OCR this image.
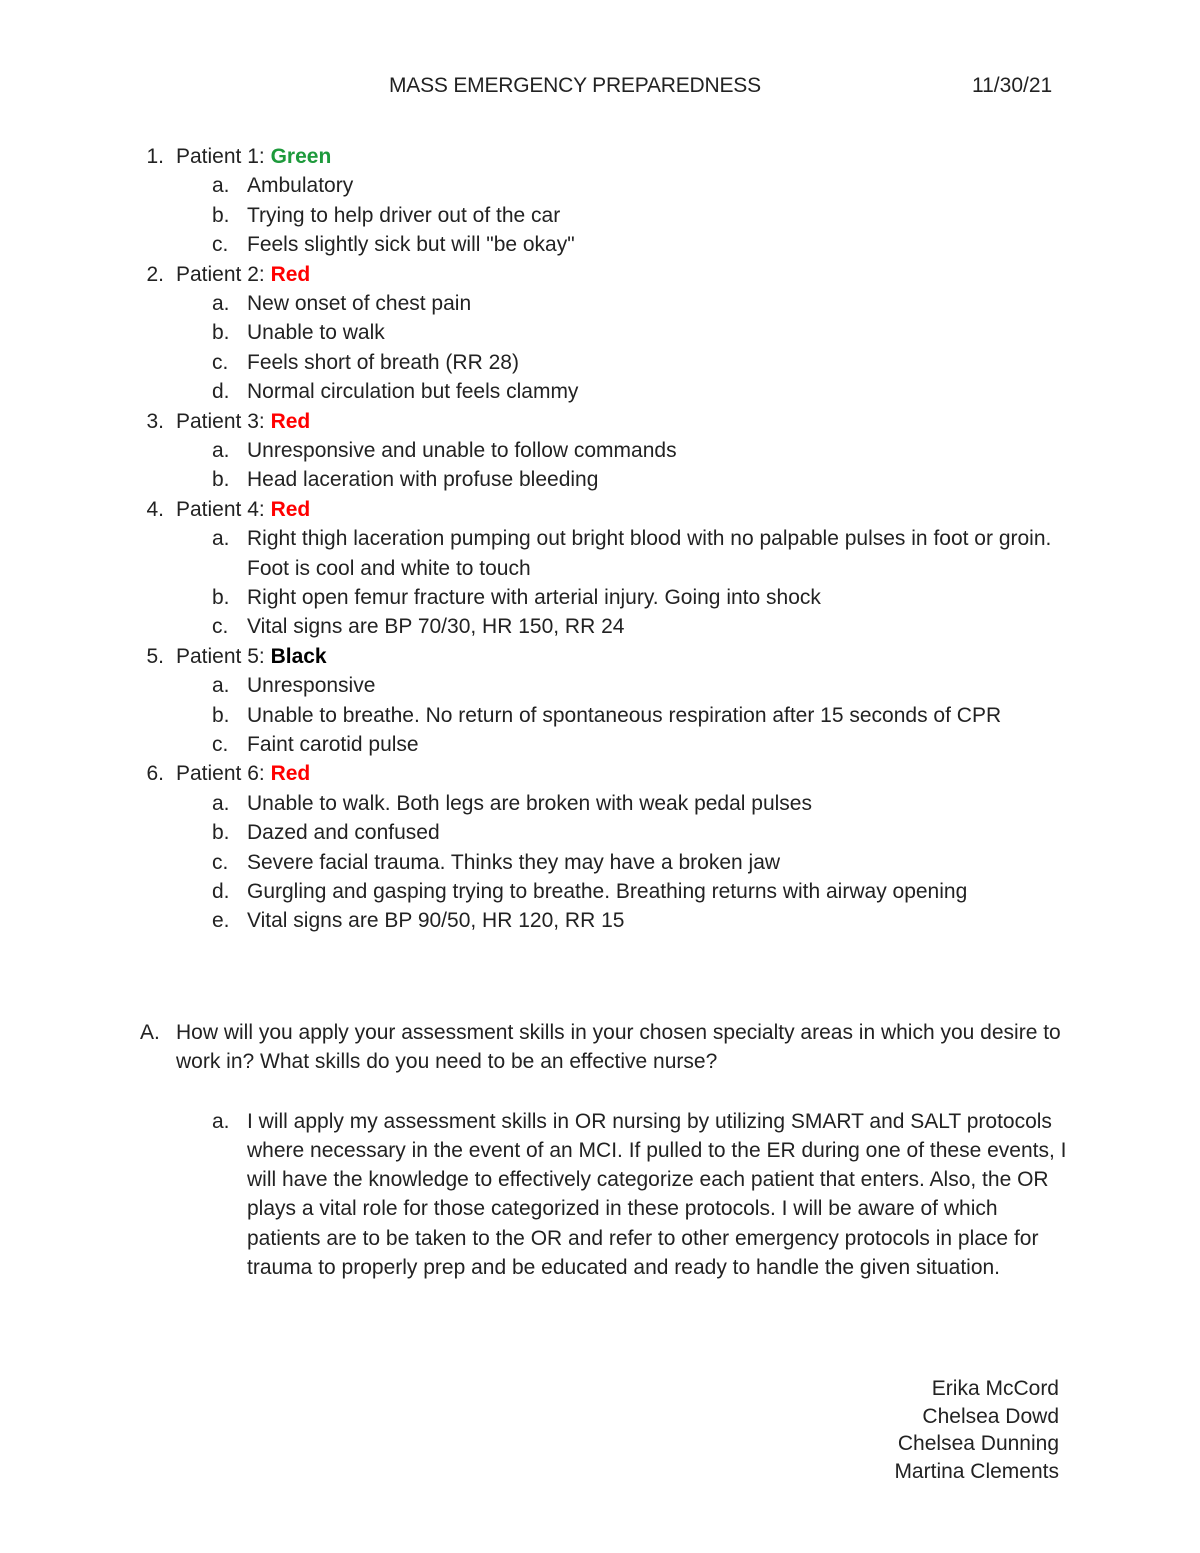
MASS EMERGENCY PREPAREDNESS	11/30/21
1. Patient 1: Green
a. Ambulatory
b. Trying to help driver out of the car
c. Feels slightly sick but will "be okay"
2. Patient 2: Red
a. New onset of chest pain
b. Unable to walk
c. Feels short of breath (RR 28)
d. Normal circulation but feels clammy
3. Patient 3: Red
a. Unresponsive and unable to follow commands
b. Head laceration with profuse bleeding
4. Patient 4: Red
a. Right thigh laceration pumping out bright blood with no palpable pulses in foot or groin. Foot is cool and white to touch
b. Right open femur fracture with arterial injury. Going into shock
c. Vital signs are BP 70/30, HR 150, RR 24
5. Patient 5: Black
a. Unresponsive
b. Unable to breathe. No return of spontaneous respiration after 15 seconds of CPR
c. Faint carotid pulse
6. Patient 6: Red
a. Unable to walk. Both legs are broken with weak pedal pulses
b. Dazed and confused
c. Severe facial trauma. Thinks they may have a broken jaw
d. Gurgling and gasping trying to breathe. Breathing returns with airway opening
e. Vital signs are BP 90/50, HR 120, RR 15
A. How will you apply your assessment skills in your chosen specialty areas in which you desire to work in? What skills do you need to be an effective nurse?
a. I will apply my assessment skills in OR nursing by utilizing SMART and SALT protocols where necessary in the event of an MCI. If pulled to the ER during one of these events, I will have the knowledge to effectively categorize each patient that enters. Also, the OR plays a vital role for those categorized in these protocols. I will be aware of which patients are to be taken to the OR and refer to other emergency protocols in place for trauma to properly prep and be educated and ready to handle the given situation.
Erika McCord
Chelsea Dowd
Chelsea Dunning
Martina Clements
